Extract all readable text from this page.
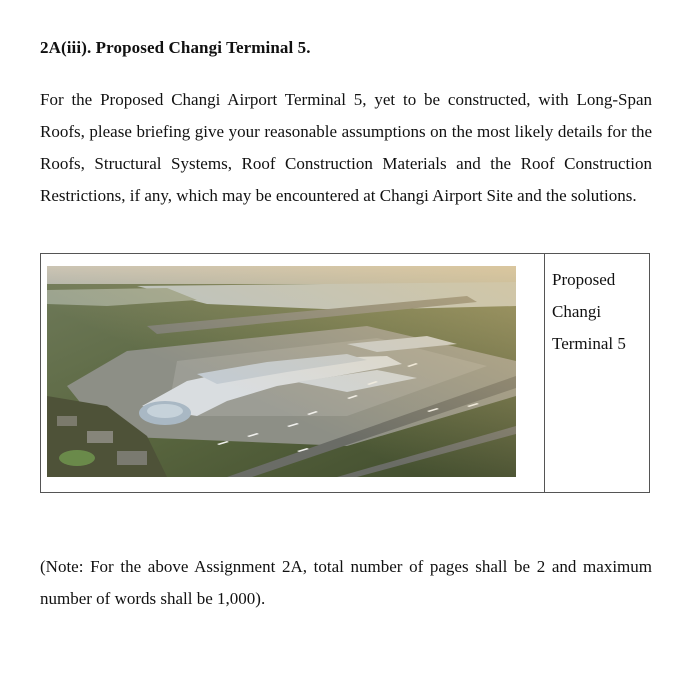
2A(iii). Proposed Changi Terminal 5.

For the Proposed Changi Airport Terminal 5, yet to be constructed, with Long-Span Roofs, please briefing give your reasonable assumptions on the most likely details for the Roofs, Structural Systems, Roof Construction Materials and the Roof Construction Restrictions, if any, which may be encountered at Changi Airport Site and the solutions.

Proposed
Changi
Terminal 5

(Note: For the above Assignment 2A, total number of pages shall be 2 and maximum number of words shall be 1,000).
